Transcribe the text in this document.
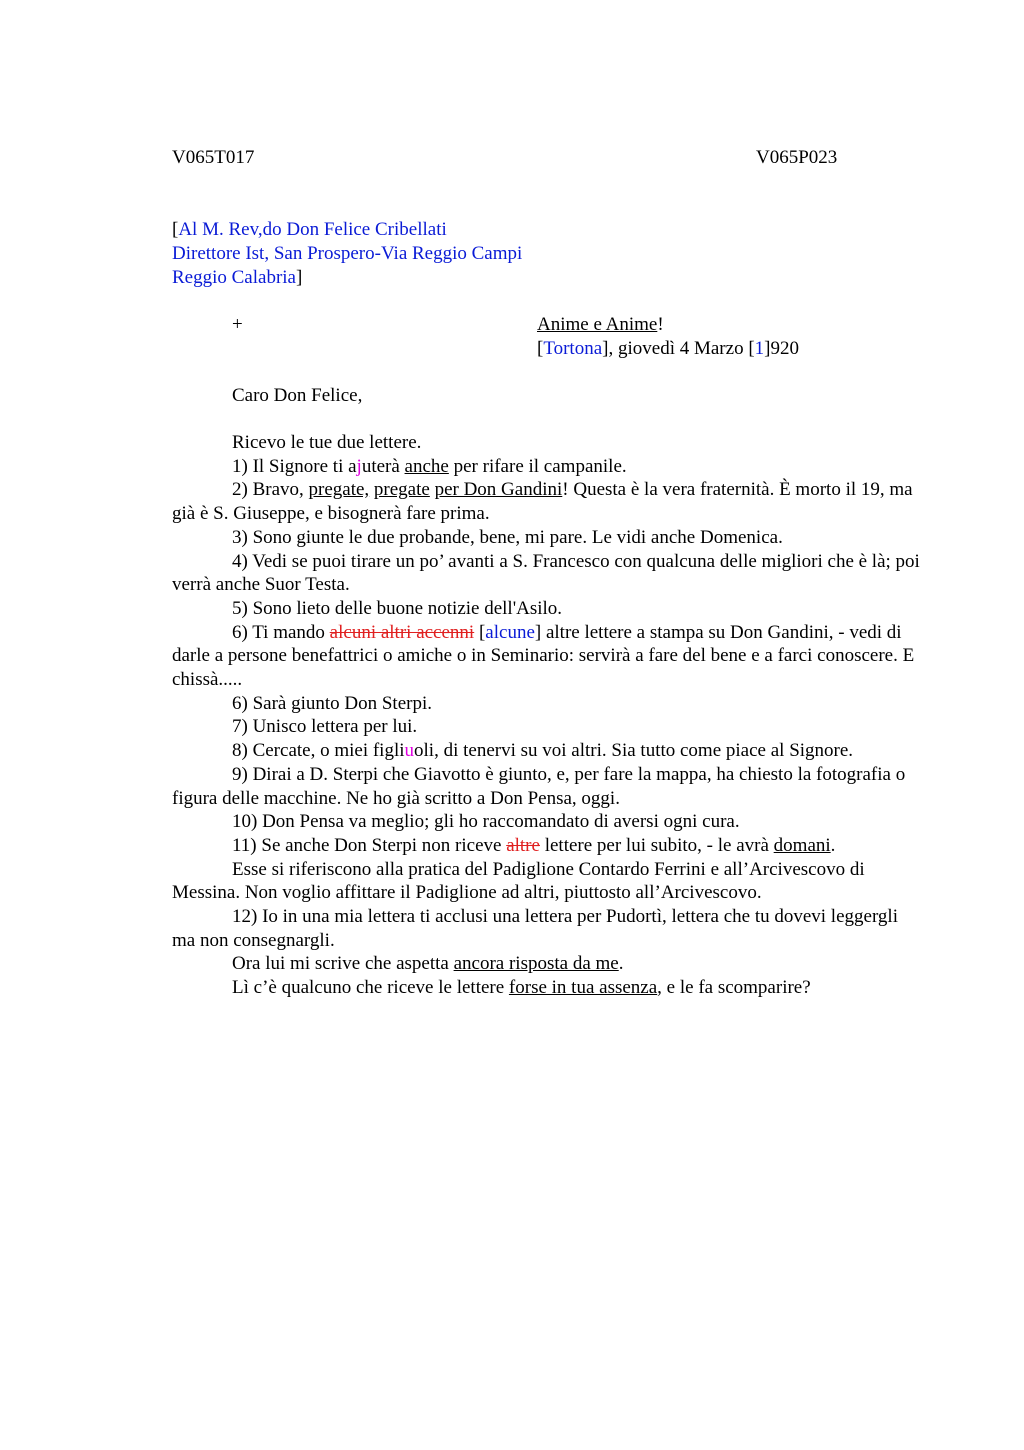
V065T017	V065P023
[Al M. Rev,do Don Felice Cribellati
Direttore Ist, San Prospero-Via Reggio Campi
Reggio Calabria]
+	Anime e Anime!
[Tortona], giovedì 4 Marzo [1]920
Caro Don Felice,

Ricevo le tue due lettere.

1) Il Signore ti ajuterà anche per rifare il campanile.

2) Bravo, pregate, pregate per Don Gandini! Questa è la vera fraternità. È morto il 19, ma già è S. Giuseppe, e bisognerà fare prima.

3) Sono giunte le due probande, bene, mi pare. Le vidi anche Domenica.

4) Vedi se puoi tirare un po’ avanti a S. Francesco con qualcuna delle migliori che è là; poi verrà anche Suor Testa.

5) Sono lieto delle buone notizie dell'Asilo.

6) Ti mando alcuni altri accenni [alcune] altre lettere a stampa su Don Gandini, - vedi di darle a persone benefattrici o amiche o in Seminario: servirà a fare del bene e a farci conoscere. E chissà.....

6) Sarà giunto Don Sterpi.

7) Unisco lettera per lui.

8) Cercate, o miei figliuoli, di tenervi su voi altri. Sia tutto come piace al Signore.

9) Dirai a D. Sterpi che Giavotto è giunto, e, per fare la mappa, ha chiesto la fotografia o figura delle macchine. Ne ho già scritto a Don Pensa, oggi.

10) Don Pensa va meglio; gli ho raccomandato di aversi ogni cura.

11) Se anche Don Sterpi non riceve altre lettere per lui subito, - le avrà domani.

Esse si riferiscono alla pratica del Padiglione Contardo Ferrini e all’Arcivescovo di Messina. Non voglio affittare il Padiglione ad altri, piuttosto all’Arcivescovo.

12) Io in una mia lettera ti acclusi una lettera per Pudortì, lettera che tu dovevi leggergli ma non consegnargli.

Ora lui mi scrive che aspetta ancora risposta da me.

Lì c’è qualcuno che riceve le lettere forse in tua assenza, e le fa scomparire?
